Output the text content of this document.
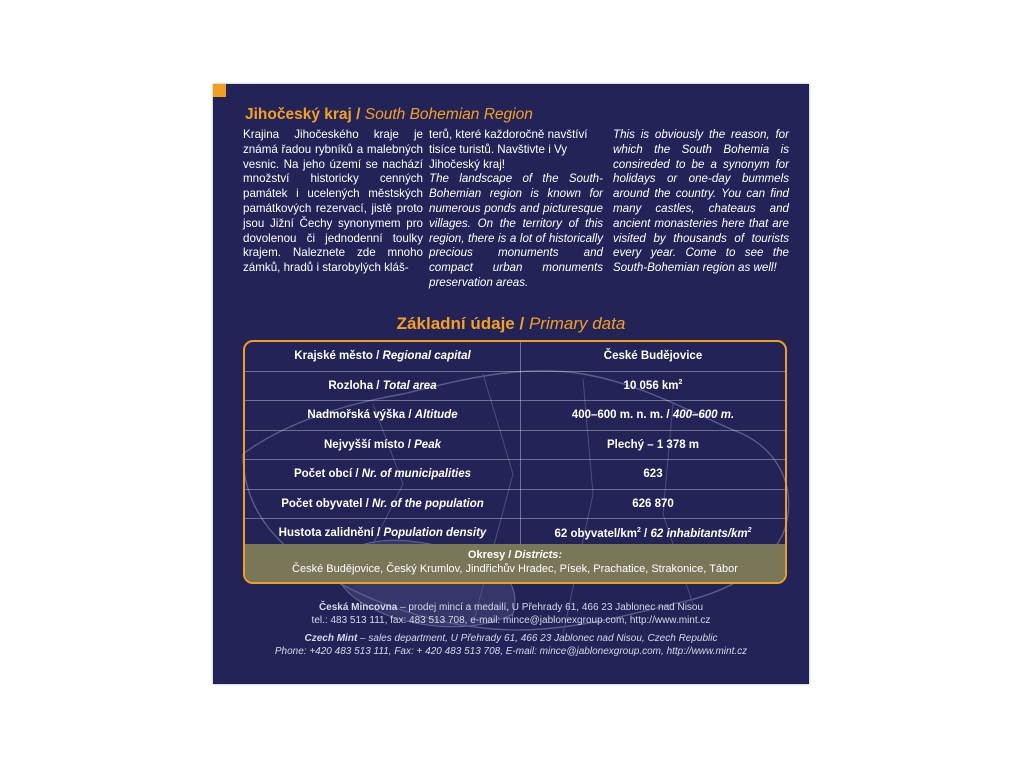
Jihočeský kraj / South Bohemian Region

Krajina Jihočeského kraje je známá řadou rybníků a malebných vesnic. Na jeho území se nachází množství historicky cenných památek i ucelených městských památkových rezervací, jistě proto jsou Jižní Čechy synonymem pro dovolenou či jednodenní toulky krajem. Naleznete zde mnoho zámků, hradů i starobylých kláš-

terů, které každoročně navštíví tisíce turistů. Navštivte i Vy Jihočeský kraj!

The landscape of the South-Bohemian region is known for numerous ponds and picturesque villages. On the territory of this region, there is a lot of historically precious monuments and compact urban monuments preservation areas.

This is obviously the reason, for which the South Bohemia is consireded to be a synonym for holidays or one-day bummels around the country. You can find many castles, chateaus and ancient monasteries here that are visited by thousands of tourists every year. Come to see the South-Bohemian region as well!

Základní údaje / Primary data
Krajské město / Regional capital	České Budějovice
Rozloha / Total area	10 056 $km^2$
Nadmořská výška / Altitude	400–600 m. n. m. / 400–600 m.
Nejvyšší místo / Peak	Plechý – 1 378 m
Počet obcí / Nr. of municipalities	623
Počet obyvatel / Nr. of the population	626 870
Hustota zalidnění / Population density	62 obyvatel/$km^2 / 62$ inhabitants/$km^2$
Okresy / Districts:
České Budějovice, Český Krumlov, Jindřichův Hradec, Písek, Prachatice, Strakonice, Tábor

Česká Mincovna – prodej mincí a medailí, U Přehrady 61, 466 23 Jablonec nad Nisou

tel.: 483 513 111, fax: 483 513 708, e-mail: mince@jablonexgroup.com, http://www.mint.cz

Czech Mint – sales department, U Přehrady 61, 466 23 Jablonec nad Nisou, Czech Republic

Phone: +420 483 513 111, Fax: + 420 483 513 708, E-mail: mince@jablonexgroup.com, http://www.mint.cz
